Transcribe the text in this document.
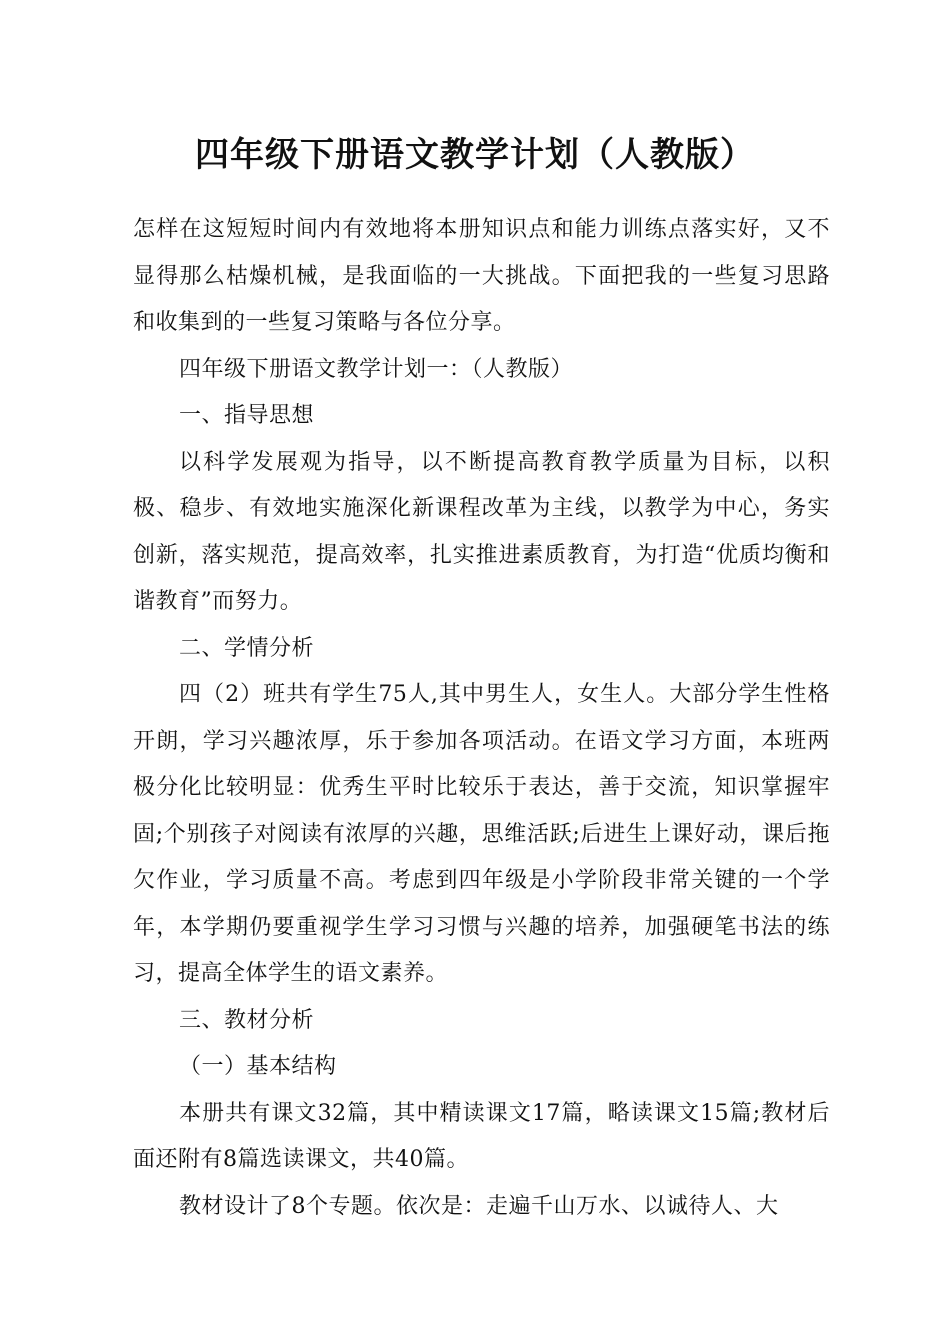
四年级下册语文教学计划（人教版）

怎样在这短短时间内有效地将本册知识点和能力训练点落实好，又不显得那么枯燥机械，是我面临的一大挑战。下面把我的一些复习思路和收集到的一些复习策略与各位分享。

四年级下册语文教学计划一：（人教版）

一、指导思想

以科学发展观为指导，以不断提高教育教学质量为目标，以积极、稳步、有效地实施深化新课程改革为主线，以教学为中心，务实创新，落实规范，提高效率，扎实推进素质教育，为打造“优质均衡和谐教育”而努力。

二、学情分析

四（2）班共有学生75人,其中男生人，女生人。大部分学生性格开朗，学习兴趣浓厚，乐于参加各项活动。在语文学习方面，本班两极分化比较明显：优秀生平时比较乐于表达，善于交流，知识掌握牢固;个别孩子对阅读有浓厚的兴趣，思维活跃;后进生上课好动，课后拖欠作业，学习质量不高。考虑到四年级是小学阶段非常关键的一个学年，本学期仍要重视学生学习习惯与兴趣的培养，加强硬笔书法的练习，提高全体学生的语文素养。

三、教材分析

（一）基本结构

本册共有课文32篇，其中精读课文17篇，略读课文15篇;教材后面还附有8篇选读课文，共40篇。

教材设计了8个专题。依次是：走遍千山万水、以诚待人、大
